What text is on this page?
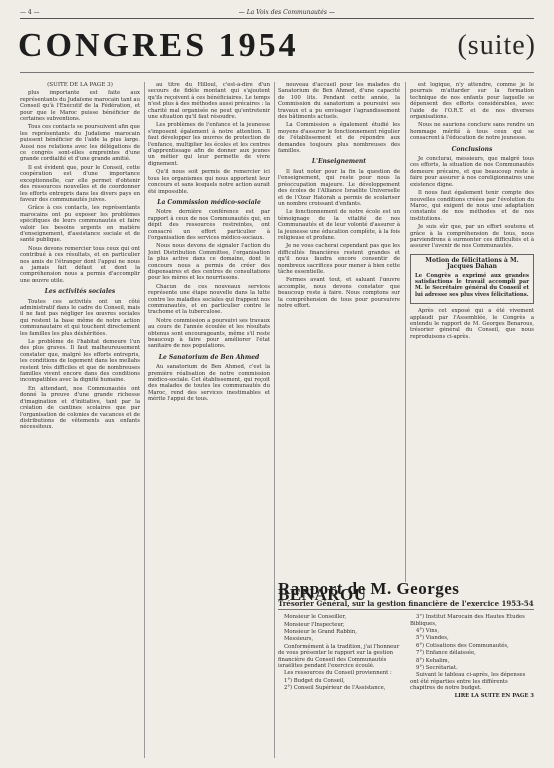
— 4 —	— La Voix des Communautés —
CONGRES 1954	(suite)

(SUITE DE LA PAGE 3)

plus importante est faite aux représentants du Judaïsme marocain tant au Conseil qu'à l'Exécutif de la Fédération, et pour que le Maroc puisse bénéficier de certaines subventions.

Tous ces contacts se poursuivent afin que les représentants du Judaïsme marocain puissent bénéficier de l'aide la plus large. Aussi nos relations avec les délégations de ce congrès sont-elles empreintes d'une grande cordialité et d'une grande amitié.

Il est évident que, pour le Conseil, cette coopération est d'une importance exceptionnelle, car elle permet d'obtenir des ressources nouvelles et de coordonner les efforts entrepris dans les divers pays en faveur des communautés juives.

Grâce à ces contacts, les représentants marocains ont pu exposer les problèmes spécifiques de leurs communautés et faire valoir les besoins urgents en matière d'enseignement, d'assistance sociale et de santé publique.

Nous devons remercier tous ceux qui ont contribué à ces résultats, et en particulier nos amis de l'étranger dont l'appui ne nous a jamais fait défaut et dont la compréhension nous a permis d'accomplir une œuvre utile.

Les activités sociales

Toutes ces activités ont un côté administratif dans le cadre du Conseil, mais il ne faut pas négliger les œuvres sociales qui restent la base même de notre action communautaire et qui touchent directement les familles les plus déshéritées.

Le problème de l'habitat demeure l'un des plus graves. Il faut malheureusement constater que, malgré les efforts entrepris, les conditions de logement dans les mellahs restent très difficiles et que de nombreuses familles vivent encore dans des conditions incompatibles avec la dignité humaine.

En attendant, nos Communautés ont donné la preuve d'une grande richesse d'imagination et d'initiative, tant par la création de cantines scolaires que par l'organisation de colonies de vacances et de distributions de vêtements aux enfants nécessiteux.

au titre du Hilloul, c'est-à-dire d'un secours de fidèle montant qui s'ajoutent qu'ils reçoivent à ces bénéficiaires. Le temps n'est plus à des méthodes aussi précaires : la charité mal organisée ne peut qu'entretenir une situation qu'il faut résoudre.

Les problèmes de l'enfance et la jeunesse s'imposent également à notre attention. Il faut développer les œuvres de protection de l'enfance, multiplier les écoles et les centres d'apprentissage afin de donner aux jeunes un métier qui leur permette de vivre dignement.

Qu'il nous soit permis de remercier ici tous les organismes qui nous apportent leur concours et sans lesquels notre action aurait été impossible.

La Commission médico-sociale

Notre dernière conférence est par rapport à ceux de nos Communautés qui, en dépit des ressources restreintes, ont consacré un effort particulier à l'organisation des services médico-sociaux.

Nous nous devons de signaler l'action du Joint Distribution Committee, l'organisation la plus active dans ce domaine, dont le concours nous a permis de créer des dispensaires et des centres de consultations pour les mères et les nourrissons.

Chacun de ces nouveaux services représente une étape nouvelle dans la lutte contre les maladies sociales qui frappent nos communautés, et en particulier contre le trachome et la tuberculose.

Notre commission a poursuivi ses travaux au cours de l'année écoulée et les résultats obtenus sont encourageants, même s'il reste beaucoup à faire pour améliorer l'état sanitaire de nos populations.

Le Sanatorium de Ben Ahmed

Au sanatorium de Ben Ahmed, c'est la première réalisation de notre commission médico-sociale. Cet établissement, qui reçoit des malades de toutes les communautés du Maroc, rend des services inestimables et mérite l'appui de tous.

nouveau d'accueil pour les malades du Sanatorium de Ben Ahmed, d'une capacité de 100 lits. Pendant cette année, la Commission du sanatorium a poursuivi ses travaux et a pu envisager l'agrandissement des bâtiments actuels.

La Commission a également étudié les moyens d'assurer le fonctionnement régulier de l'établissement et de répondre aux demandes toujours plus nombreuses des familles.

L'Enseignement

Il faut noter pour la fin la question de l'enseignement, qui reste pour nous la préoccupation majeure. Le développement des écoles de l'Alliance Israélite Universelle et de l'Ozar Hatorah a permis de scolariser un nombre croissant d'enfants.

Le fonctionnement de notre école est un témoignage de la vitalité de nos Communautés et de leur volonté d'assurer à la jeunesse une éducation complète, à la fois religieuse et profane.

Je ne vous cacherai cependant pas que les difficultés financières restent grandes et qu'il nous faudra encore consentir de nombreux sacrifices pour mener à bien cette tâche essentielle.

Fermes avant tout, et saluant l'œuvre accomplie, nous devons constater que beaucoup reste à faire. Nous comptons sur la compréhension de tous pour poursuivre notre effort.

est logique, n'y attendre, comme je le pourrais m'attarder sur la formation technique de nos enfants pour laquelle se dépensent des efforts considérables, avec l'aide de l'O.R.T. et de nos diverses organisations.

Nous ne saurions conclure sans rendre un hommage mérité à tous ceux qui se consacrent à l'éducation de notre jeunesse.

Conclusions

Je conclurai, messieurs, que malgré tous ces efforts, la situation de nos Communautés demeure précaire, et que beaucoup reste à faire pour assurer à nos coreligionnaires une existence digne.

Il nous faut également tenir compte des nouvelles conditions créées par l'évolution du Maroc, qui exigent de nous une adaptation constante de nos méthodes et de nos institutions.

Je suis sûr que, par un effort soutenu et grâce à la compréhension de tous, nous parviendrons à surmonter ces difficultés et à assurer l'avenir de nos Communautés.

Motion de félicitations à M. Jacques Dahan

Le Congrès a exprimé aux grandes satisfactions le travail accompli par M. le Secrétaire général du Conseil et lui adresse ses plus vives félicitations.

Après cet exposé qui a été vivement applaudi par l'Assemblée, le Congrès a entendu le rapport de M. Georges Benarous, trésorier général du Conseil, que nous reproduisons ci-après.

Rapport de M. Georges BENAROU
Trésorier Général, sur la gestion financière de l'exercice 1953-54

Monsieur le Conseiller,

Monsieur l'Inspecteur,

Monsieur le Grand Rabbin,

Messieurs,

Conformément à la tradition, j'ai l'honneur de vous présenter le rapport sur la gestion financière du Conseil des Communautés israélites pendant l'exercice écoulé.

Les ressources du Conseil proviennent :

1°) Budget du Conseil,

2°) Conseil Supérieur de l'Assistance,

3°) Institut Marocain des Hautes Études Bibliques,

4°) Vins,

5°) Viandes,

6°) Cotisations des Communautés,

7°) Enfance délaissée,

8°) Kehalim,

9°) Secrétariat.

Suivant le tableau ci-après, les dépenses ont été réparties entre les différents chapitres de notre budget.

LIRE LA SUITE EN PAGE 3
